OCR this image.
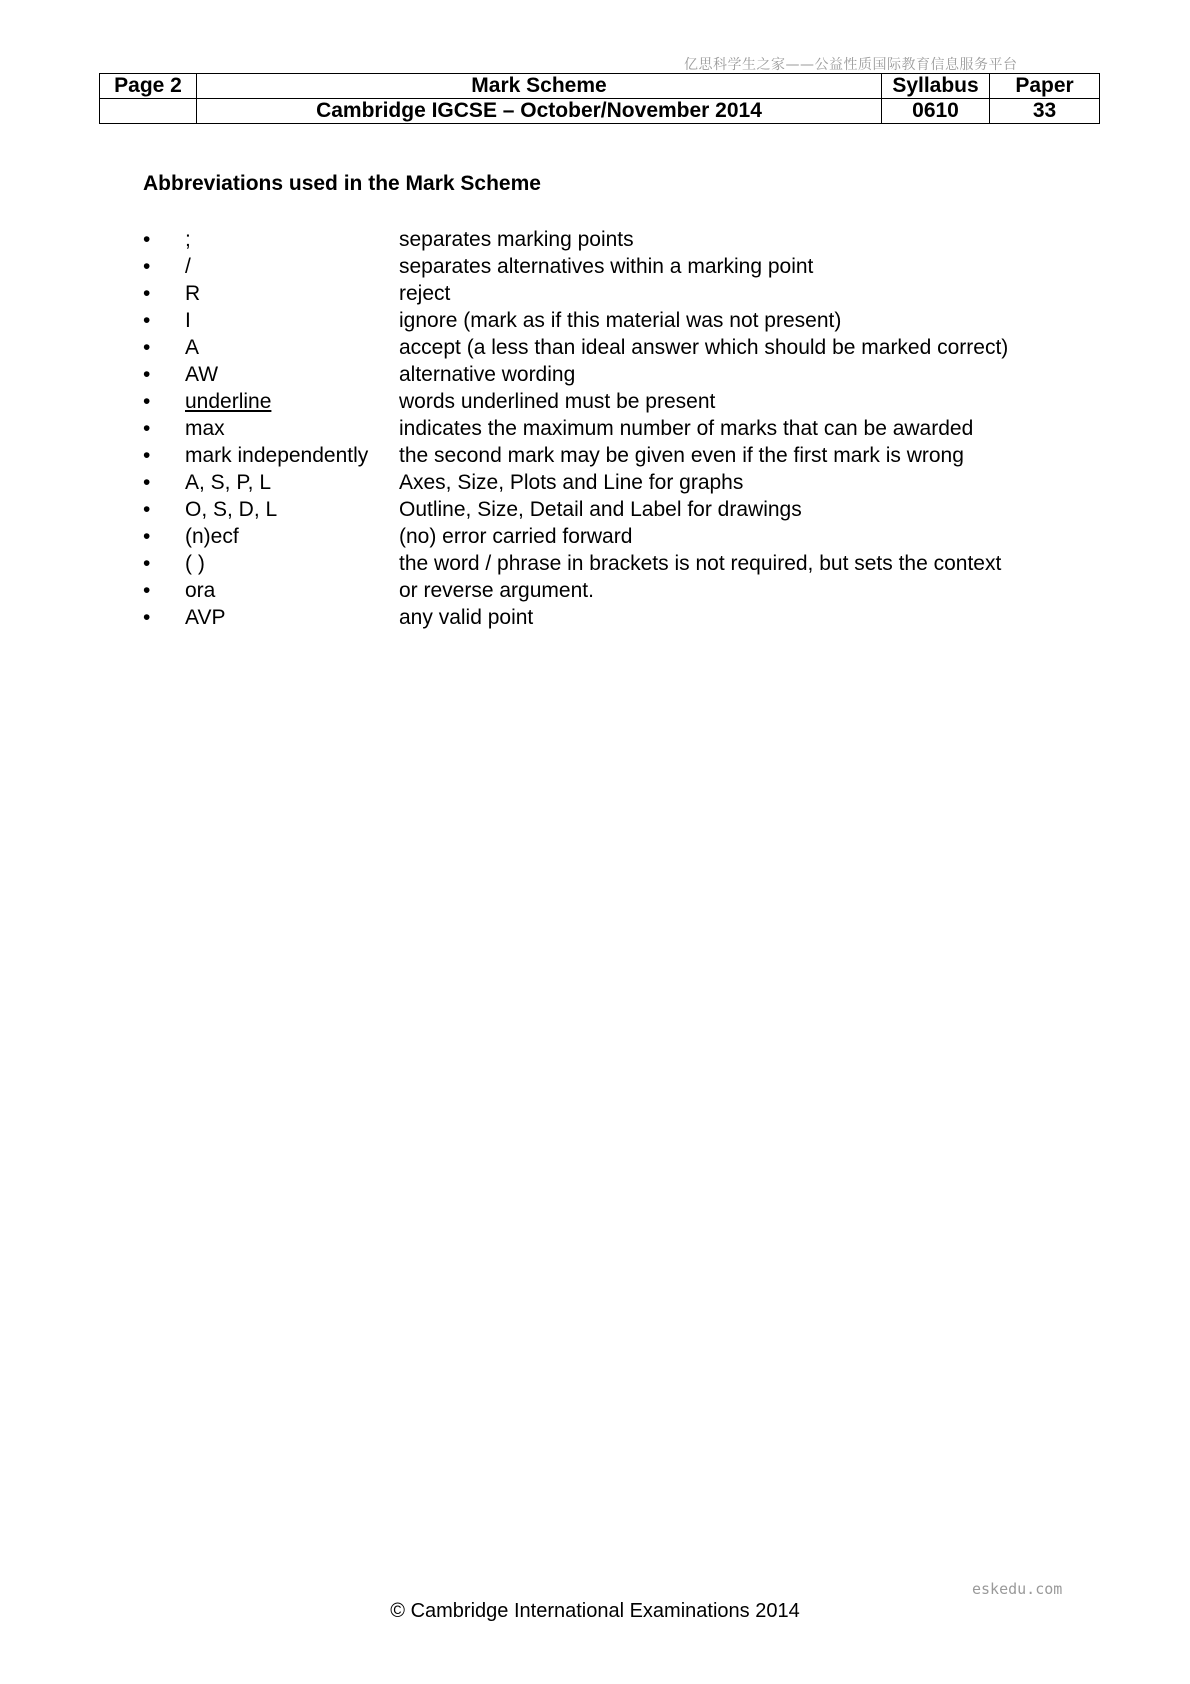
亿思科学生之家——公益性质国际教育信息服务平台
Page 2	Mark Scheme	Syllabus	Paper
	Cambridge IGCSE – October/November 2014	0610	33
Abbreviations used in the Mark Scheme
•	;	separates marking points
•	/	separates alternatives within a marking point
•	R	reject
•	I	ignore (mark as if this material was not present)
•	A	accept (a less than ideal answer which should be marked correct)
•	AW	alternative wording
•	underline	words underlined must be present
•	max	indicates the maximum number of marks that can be awarded
•	mark independently	the second mark may be given even if the first mark is wrong
•	A, S, P, L	Axes, Size, Plots and Line for graphs
•	O, S, D, L	Outline, Size, Detail and Label for drawings
•	(n)ecf	(no) error carried forward
•	( )	the word / phrase in brackets is not required, but sets the context
•	ora	or reverse argument.
•	AVP	any valid point
eskedu.com
© Cambridge International Examinations 2014
